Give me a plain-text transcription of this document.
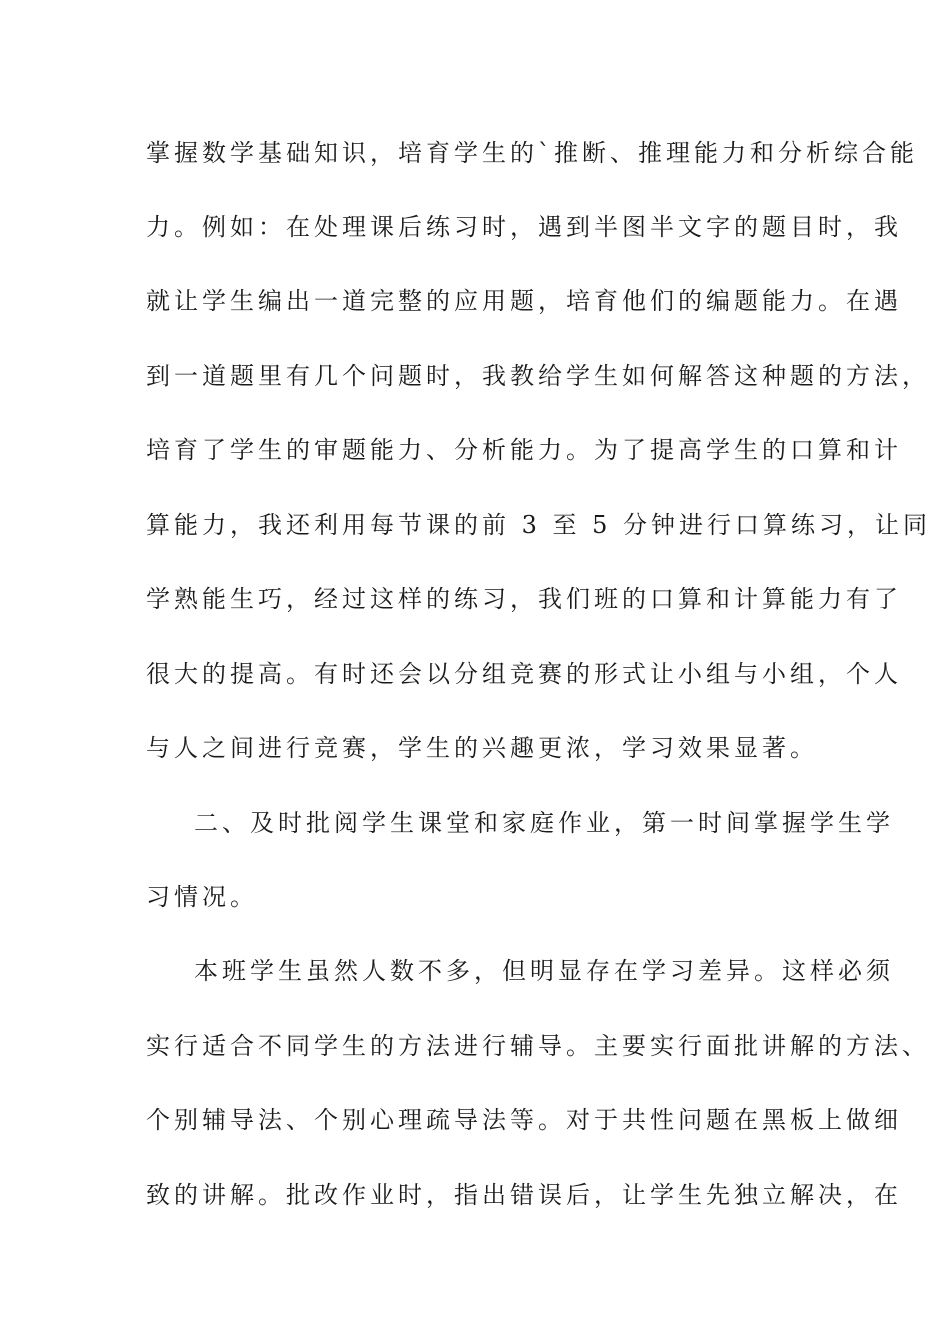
掌握数学基础知识，培育学生的`推断、推理能力和分析综合能
力。例如：在处理课后练习时，遇到半图半文字的题目时，我
就让学生编出一道完整的应用题，培育他们的编题能力。在遇
到一道题里有几个问题时，我教给学生如何解答这种题的方法，
培育了学生的审题能力、分析能力。为了提高学生的口算和计
算能力，我还利用每节课的前 3 至 5 分钟进行口算练习，让同
学熟能生巧，经过这样的练习，我们班的口算和计算能力有了
很大的提高。有时还会以分组竞赛的形式让小组与小组，个人
与人之间进行竞赛，学生的兴趣更浓，学习效果显著。
二、及时批阅学生课堂和家庭作业，第一时间掌握学生学
习情况。
本班学生虽然人数不多，但明显存在学习差异。这样必须
实行适合不同学生的方法进行辅导。主要实行面批讲解的方法、
个别辅导法、个别心理疏导法等。对于共性问题在黑板上做细
致的讲解。批改作业时，指出错误后，让学生先独立解决，在
